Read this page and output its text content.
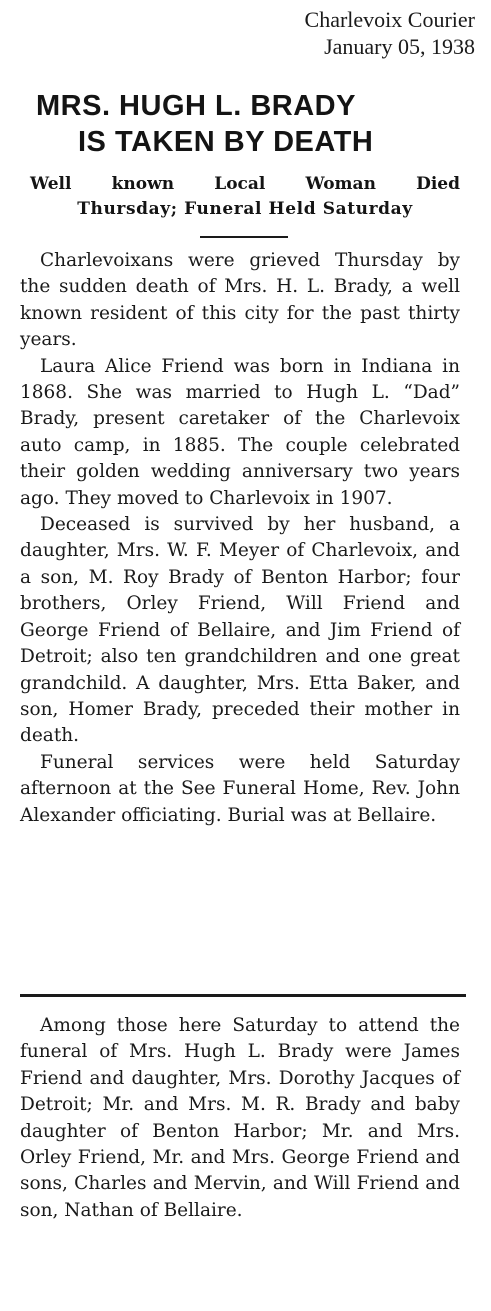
Charlevoix Courier
January 05, 1938
MRS. HUGH L. BRADY
IS TAKEN BY DEATH
Well known Local Woman Died
Thursday; Funeral Held Saturday

Charlevoixans were grieved Thursday by the sudden death of Mrs. H. L. Brady, a well known resident of this city for the past thirty years.

Laura Alice Friend was born in Indiana in 1868. She was married to Hugh L. “Dad” Brady, present caretaker of the Charlevoix auto camp, in 1885. The couple celebrated their golden wedding anniversary two years ago. They moved to Charlevoix in 1907.

Deceased is survived by her husband, a daughter, Mrs. W. F. Meyer of Charlevoix, and a son, M. Roy Brady of Benton Harbor; four brothers, Orley Friend, Will Friend and George Friend of Bellaire, and Jim Friend of Detroit; also ten grandchildren and one great grandchild. A daughter, Mrs. Etta Baker, and son, Homer Brady, preceded their mother in death.

Funeral services were held Saturday afternoon at the See Funeral Home, Rev. John Alexander officiating. Burial was at Bellaire.

Among those here Saturday to attend the funeral of Mrs. Hugh L. Brady were James Friend and daughter, Mrs. Dorothy Jacques of Detroit; Mr. and Mrs. M. R. Brady and baby daughter of Benton Harbor; Mr. and Mrs. Orley Friend, Mr. and Mrs. George Friend and sons, Charles and Mervin, and Will Friend and son, Nathan of Bellaire.
